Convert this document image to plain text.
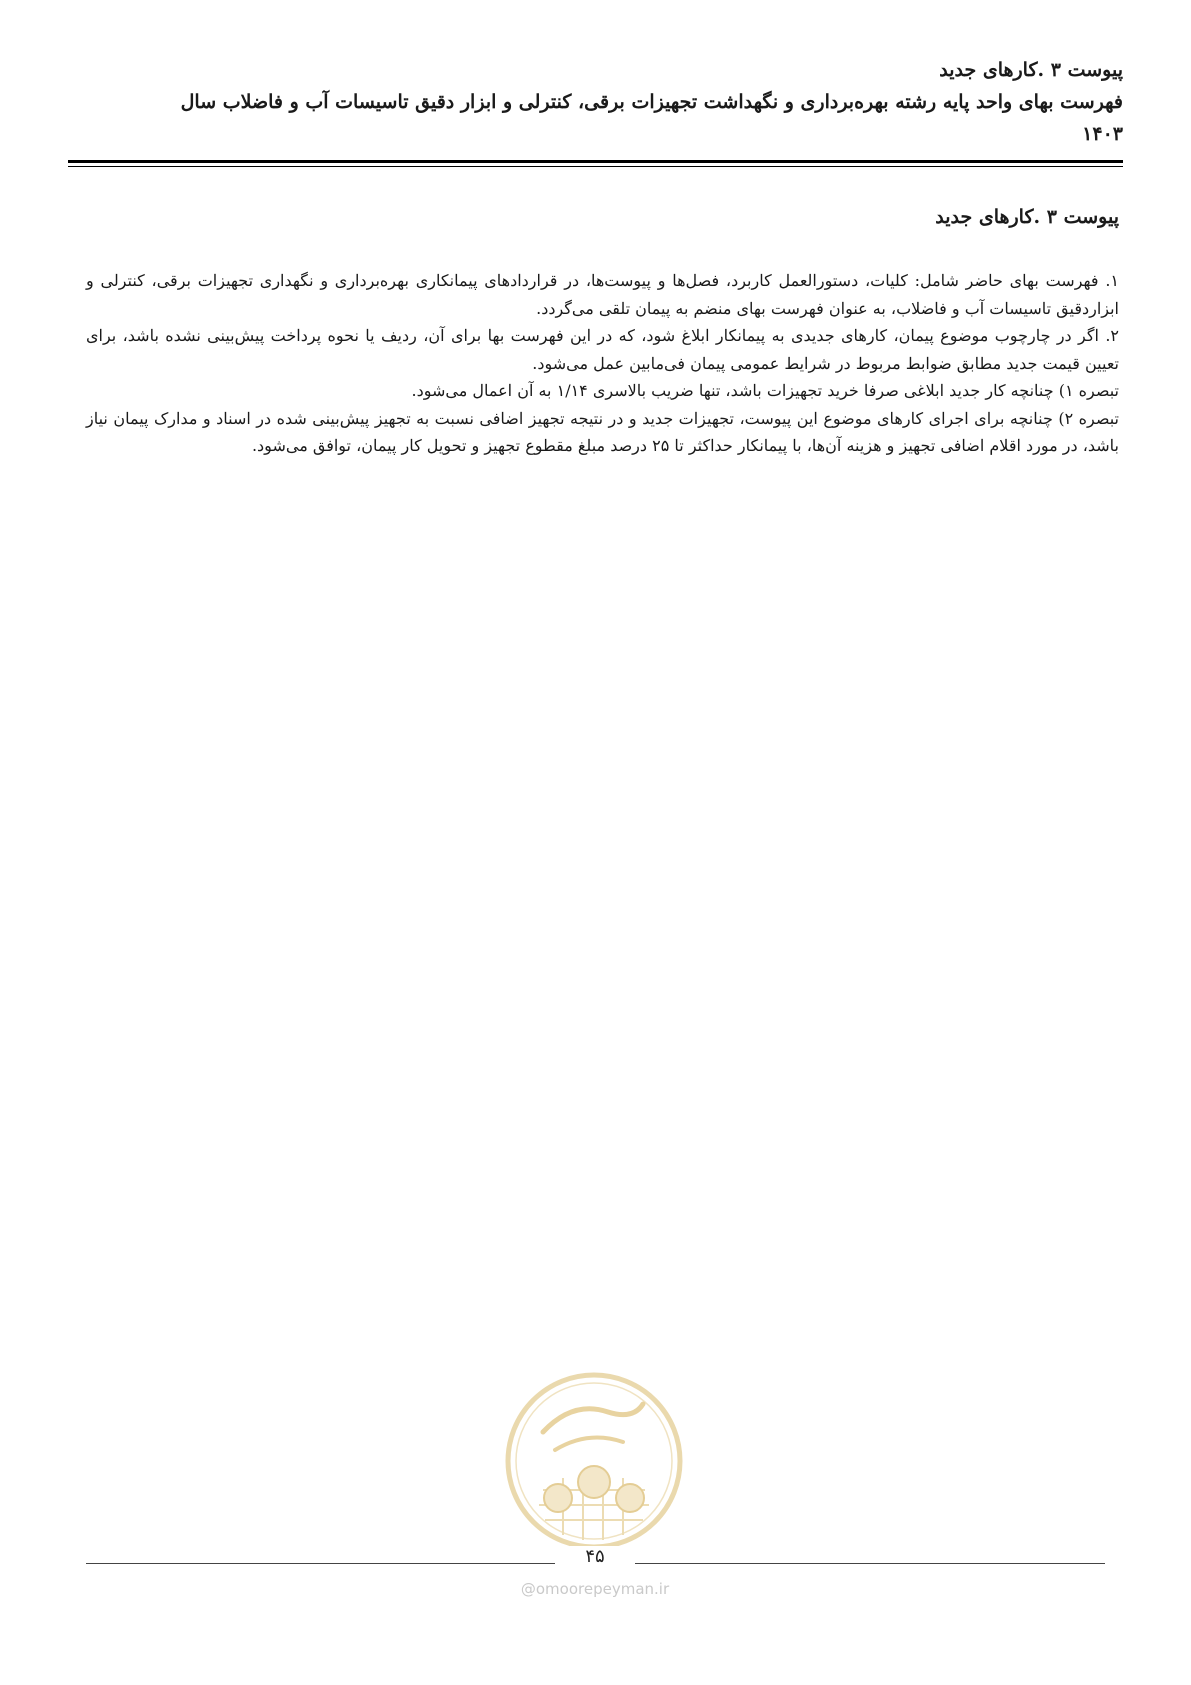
پیوست ۳ .کارهای جدید
فهرست بهای واحد پایه رشته بهره‌برداری و نگهداشت تجهیزات برقی، کنترلی و ابزار دقیق تاسیسات آب و فاضلاب سال
۱۴۰۳
پیوست ۳ .کارهای جدید

۱. فهرست بهای حاضر شامل: کلیات، دستورالعمل کاربرد، فصل‌ها و پیوست‌ها، در قراردادهای پیمانکاری بهره‌برداری و نگهداری تجهیزات برقی، کنترلی و ابزاردقیق تاسیسات آب و فاضلاب، به عنوان فهرست بهای منضم به پیمان تلقی می‌گردد.

۲. اگر در چارچوب موضوع پیمان، کارهای جدیدی به پیمانکار ابلاغ شود، که در این فهرست بها برای آن، ردیف یا نحوه پرداخت پیش‌بینی نشده باشد، برای تعیین قیمت جدید مطابق ضوابط مربوط در شرایط عمومی پیمان فی‌مابین عمل می‌شود.

تبصره ۱) چنانچه کار جدید ابلاغی صرفا خرید تجهیزات باشد، تنها ضریب بالاسری ۱/۱۴ به آن اعمال می‌شود.

تبصره ۲) چنانچه برای اجرای کارهای موضوع این پیوست، تجهیزات جدید و در نتیجه تجهیز اضافی نسبت به تجهیز پیش‌بینی شده در اسناد و مدارک پیمان نیاز باشد، در مورد اقلام اضافی تجهیز و هزینه آن‌ها، با پیمانکار حداکثر تا ۲۵ درصد مبلغ مقطوع تجهیز و تحویل کار پیمان، توافق می‌شود.

۴۵
@omoorepeyman.ir
